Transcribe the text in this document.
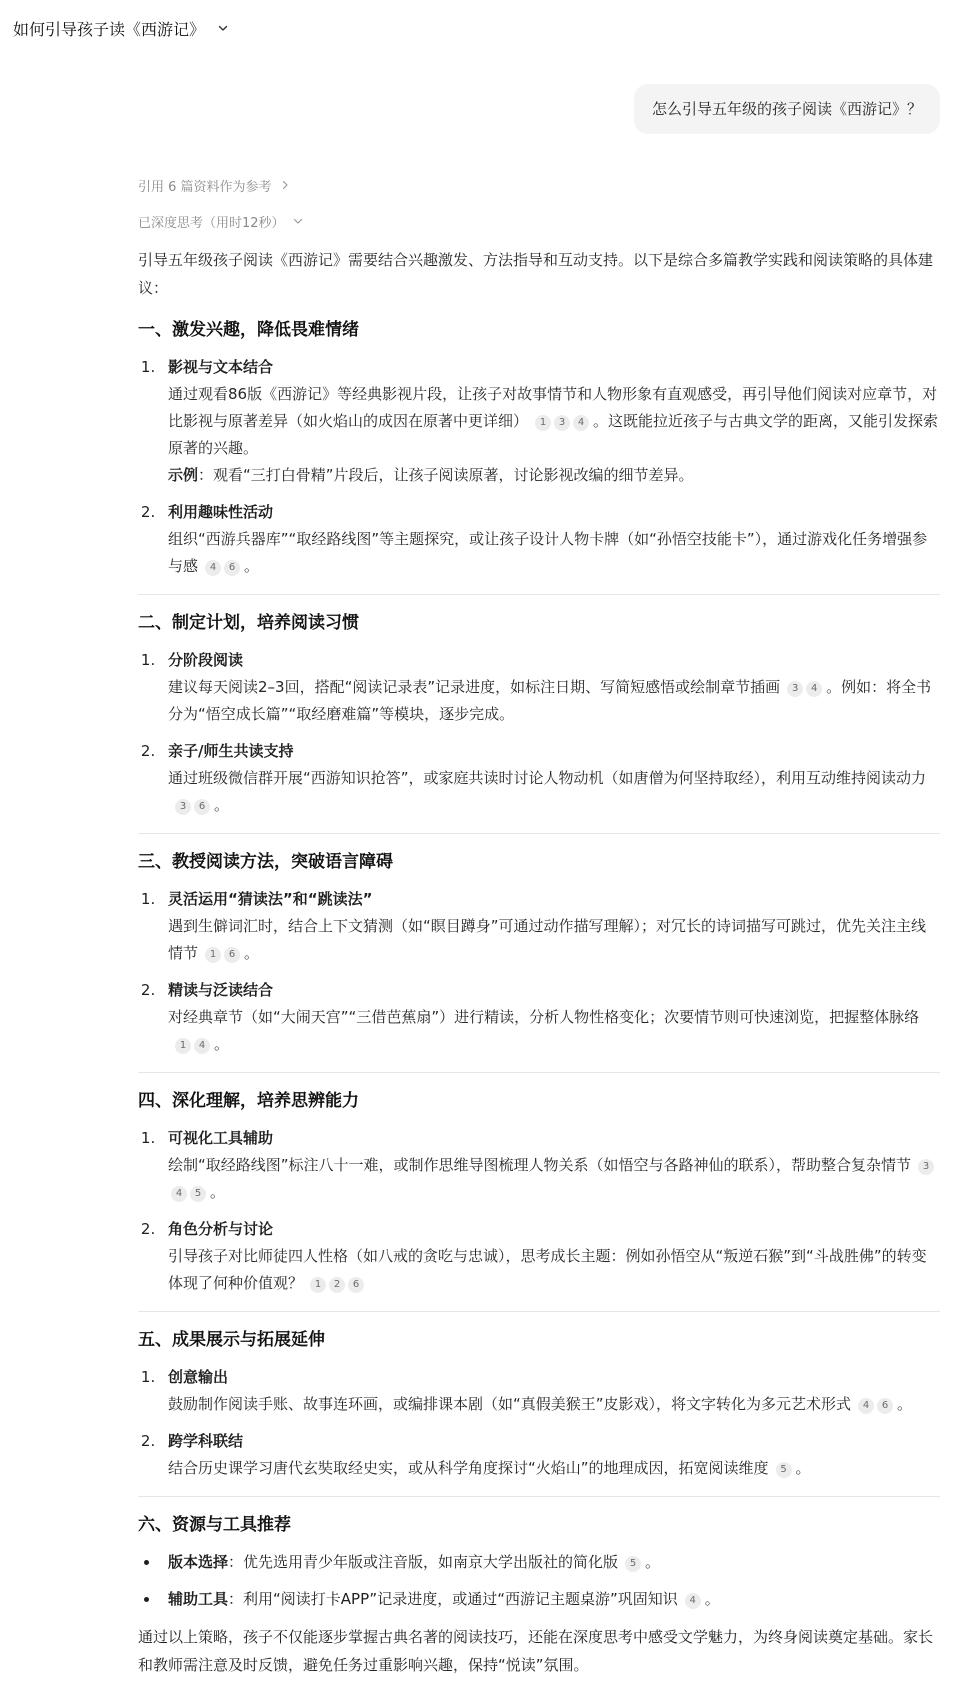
如何引导孩子读《西游记》
怎么引导五年级的孩子阅读《西游记》？
引用 6 篇资料作为参考
已深度思考（用时12秒）
引导五年级孩子阅读《西游记》需要结合兴趣激发、方法指导和互动支持。以下是综合多篇教学实践和阅读策略的具体建议：
一、激发兴趣，降低畏难情绪
1. 影视与文本结合
通过观看86版《西游记》等经典影视片段，让孩子对故事情节和人物形象有直观感受，再引导他们阅读对应章节，对比影视与原著差异（如火焰山的成因在原著中更详细） 1 3 4 。这既能拉近孩子与古典文学的距离，又能引发探索原著的兴趣。
示例：观看“三打白骨精”片段后，让孩子阅读原著，讨论影视改编的细节差异。
2. 利用趣味性活动
组织“西游兵器库”“取经路线图”等主题探究，或让孩子设计人物卡牌（如“孙悟空技能卡”），通过游戏化任务增强参与感 4 6 。
二、制定计划，培养阅读习惯
1. 分阶段阅读
建议每天阅读2–3回，搭配“阅读记录表”记录进度，如标注日期、写简短感悟或绘制章节插画 3 4 。例如：将全书分为“悟空成长篇”“取经磨难篇”等模块，逐步完成。
2. 亲子/师生共读支持
通过班级微信群开展“西游知识抢答”，或家庭共读时讨论人物动机（如唐僧为何坚持取经），利用互动维持阅读动力3 6 。
三、教授阅读方法，突破语言障碍
1. 灵活运用“猜读法”和“跳读法”
遇到生僻词汇时，结合上下文猜测（如“瞑目蹲身”可通过动作描写理解）；对冗长的诗词描写可跳过，优先关注主线情节 1 6 。
2. 精读与泛读结合
对经典章节（如“大闹天宫”“三借芭蕉扇”）进行精读，分析人物性格变化；次要情节则可快速浏览，把握整体脉络1 4 。
四、深化理解，培养思辨能力
1. 可视化工具辅助
绘制“取经路线图”标注八十一难，或制作思维导图梳理人物关系（如悟空与各路神仙的联系），帮助整合复杂情节 34 5 。
2. 角色分析与讨论
引导孩子对比师徒四人性格（如八戒的贪吃与忠诚），思考成长主题：例如孙悟空从“叛逆石猴”到“斗战胜佛”的转变体现了何种价值观？ 1 2 6
五、成果展示与拓展延伸
1. 创意输出
鼓励制作阅读手账、故事连环画，或编排课本剧（如“真假美猴王”皮影戏），将文字转化为多元艺术形式 4 6 。
2. 跨学科联结
结合历史课学习唐代玄奘取经史实，或从科学角度探讨“火焰山”的地理成因，拓宽阅读维度 5 。
六、资源与工具推荐
• 版本选择：优先选用青少年版或注音版，如南京大学出版社的简化版 5 。
• 辅助工具：利用“阅读打卡APP”记录进度，或通过“西游记主题桌游”巩固知识 4 。
通过以上策略，孩子不仅能逐步掌握古典名著的阅读技巧，还能在深度思考中感受文学魅力，为终身阅读奠定基础。家长和教师需注意及时反馈，避免任务过重影响兴趣，保持“悦读”氛围。
